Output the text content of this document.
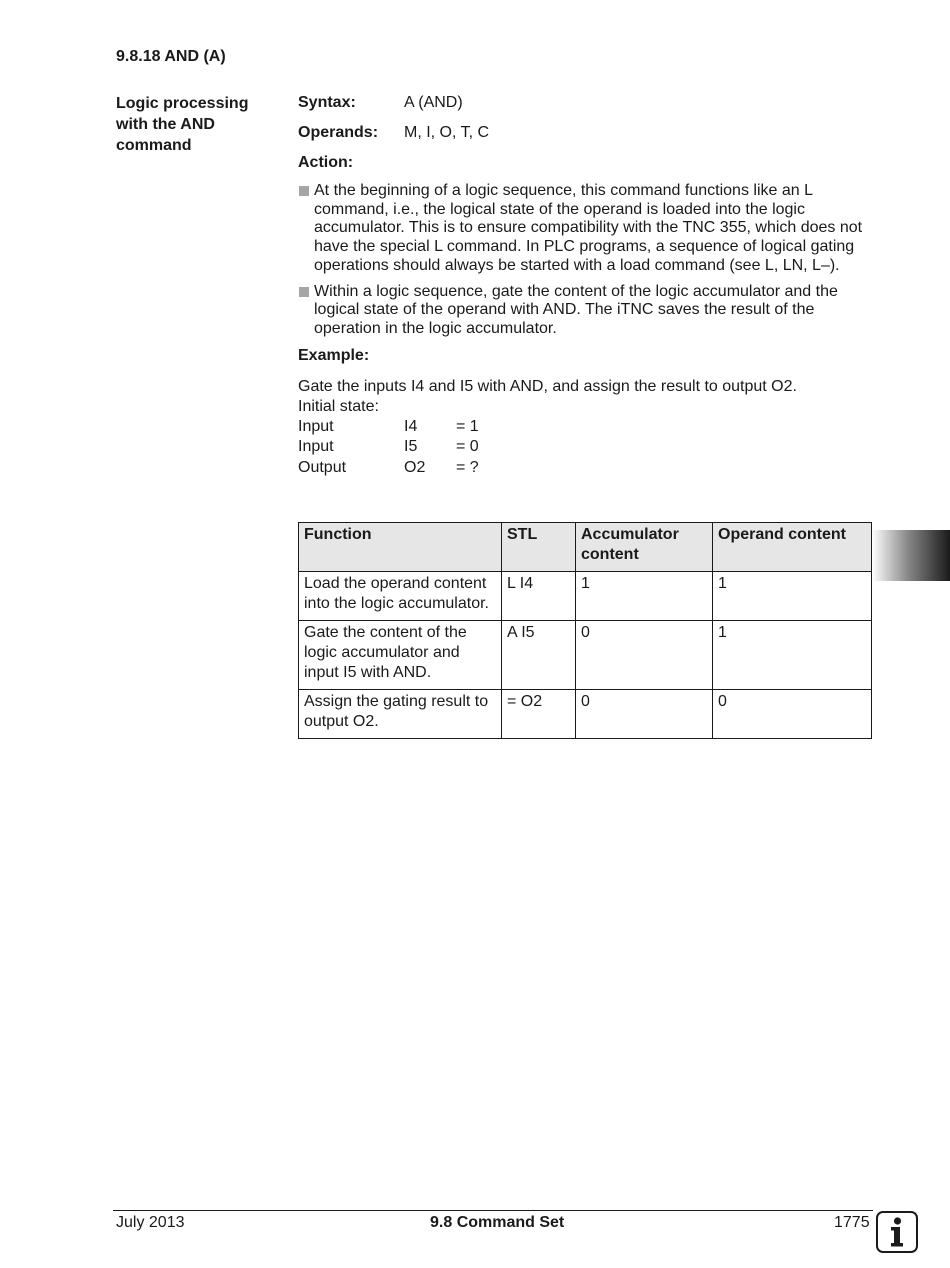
9.8.18 AND (A)
Logic processing with the AND command
Syntax:	A (AND)
Operands:	M, I, O, T, C
Action:
At the beginning of a logic sequence, this command functions like an L command, i.e., the logical state of the operand is loaded into the logic accumulator. This is to ensure compatibility with the TNC 355, which does not have the special L command. In PLC programs, a sequence of logical gating operations should always be started with a load command (see L, LN, L–).
Within a logic sequence, gate the content of the logic accumulator and the logical state of the operand with AND. The iTNC saves the result of the operation in the logic accumulator.
Example:
Gate the inputs I4 and I5 with AND, and assign the result to output O2.
Initial state:
Input	I4	= 1
Input	I5	= 0
Output	O2	= ?
Function	STL	Accumulator content	Operand content
Load the operand content into the logic accumulator.	L I4	1	1
Gate the content of the logic accumulator and input I5 with AND.	A I5	0	1
Assign the gating result to output O2.	= O2	0	0
July 2013	9.8 Command Set	1775
